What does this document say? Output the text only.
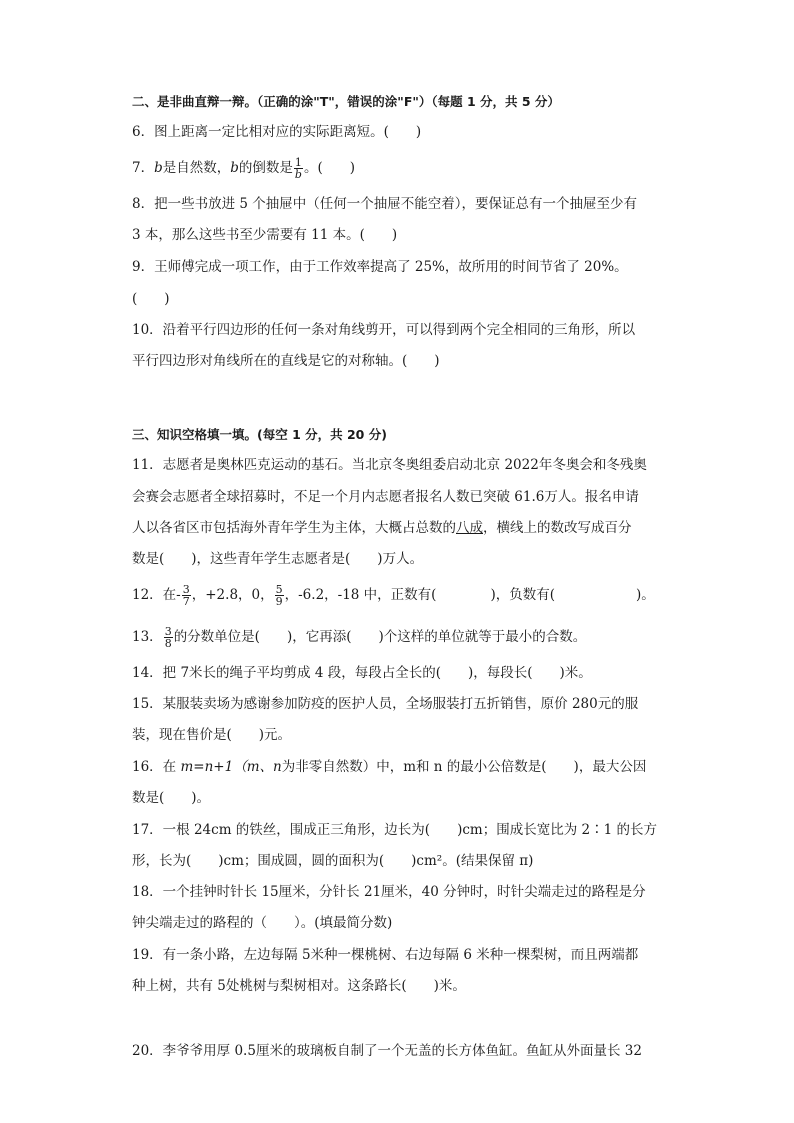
二、是非曲直辩一辩。（正确的涂"T"，错误的涂"F"）（每题 1 分，共 5 分）
6．图上距离一定比相对应的实际距离短。(　　)
7．b是自然数，b的倒数是 $\frac{1}{b}$ 。(　　)
8．把一些书放进 5 个抽屉中（任何一个抽屉不能空着），要保证总有一个抽屉至少有
3 本，那么这些书至少需要有 11 本。(　　)
9．王师傅完成一项工作，由于工作效率提高了 25%，故所用的时间节省了 20%。
(　　)
10．沿着平行四边形的任何一条对角线剪开，可以得到两个完全相同的三角形，所以
平行四边形对角线所在的直线是它的对称轴。(　　)
三、知识空格填一填。(每空 1 分，共 20 分)
11．志愿者是奥林匹克运动的基石。当北京冬奥组委启动北京 2022年冬奥会和冬残奥
会赛会志愿者全球招募时，不足一个月内志愿者报名人数已突破 61.6万人。报名申请
人以各省区市包括海外青年学生为主体，大概占总数的八成，横线上的数改写成百分
数是(　　)，这些青年学生志愿者是(　　)万人。
12．在- $\frac{3}{7}$ ，+2.8，0， $\frac{5}{9}$ ，-6.2，-18 中，正数有(　　　　)，负数有(　　　　　　)。
13． $\frac{3}{8}$ 的分数单位是(　　)，它再添(　　)个这样的单位就等于最小的合数。
14．把 7米长的绳子平均剪成 4 段，每段占全长的(　　)，每段长(　　)米。
15．某服装卖场为感谢参加防疫的医护人员，全场服装打五折销售，原价 280元的服
装，现在售价是(　　)元。
16．在 m=n+1（m、n为非零自然数）中，m和 n 的最小公倍数是(　　)，最大公因
数是(　　)。
17．一根 24cm 的铁丝，围成正三角形，边长为(　　)cm；围成长宽比为 2∶1 的长方
形，长为(　　)cm；围成圆，圆的面积为(　　)cm²。(结果保留 π)
18．一个挂钟时针长 15厘米，分针长 21厘米，40 分钟时，时针尖端走过的路程是分
钟尖端走过的路程的（　　）。(填最简分数)
19．有一条小路，左边每隔 5米种一棵桃树、右边每隔 6 米种一棵梨树，而且两端都
种上树，共有 5处桃树与梨树相对。这条路长(　　)米。
20．李爷爷用厚 0.5厘米的玻璃板自制了一个无盖的长方体鱼缸。鱼缸从外面量长 32
